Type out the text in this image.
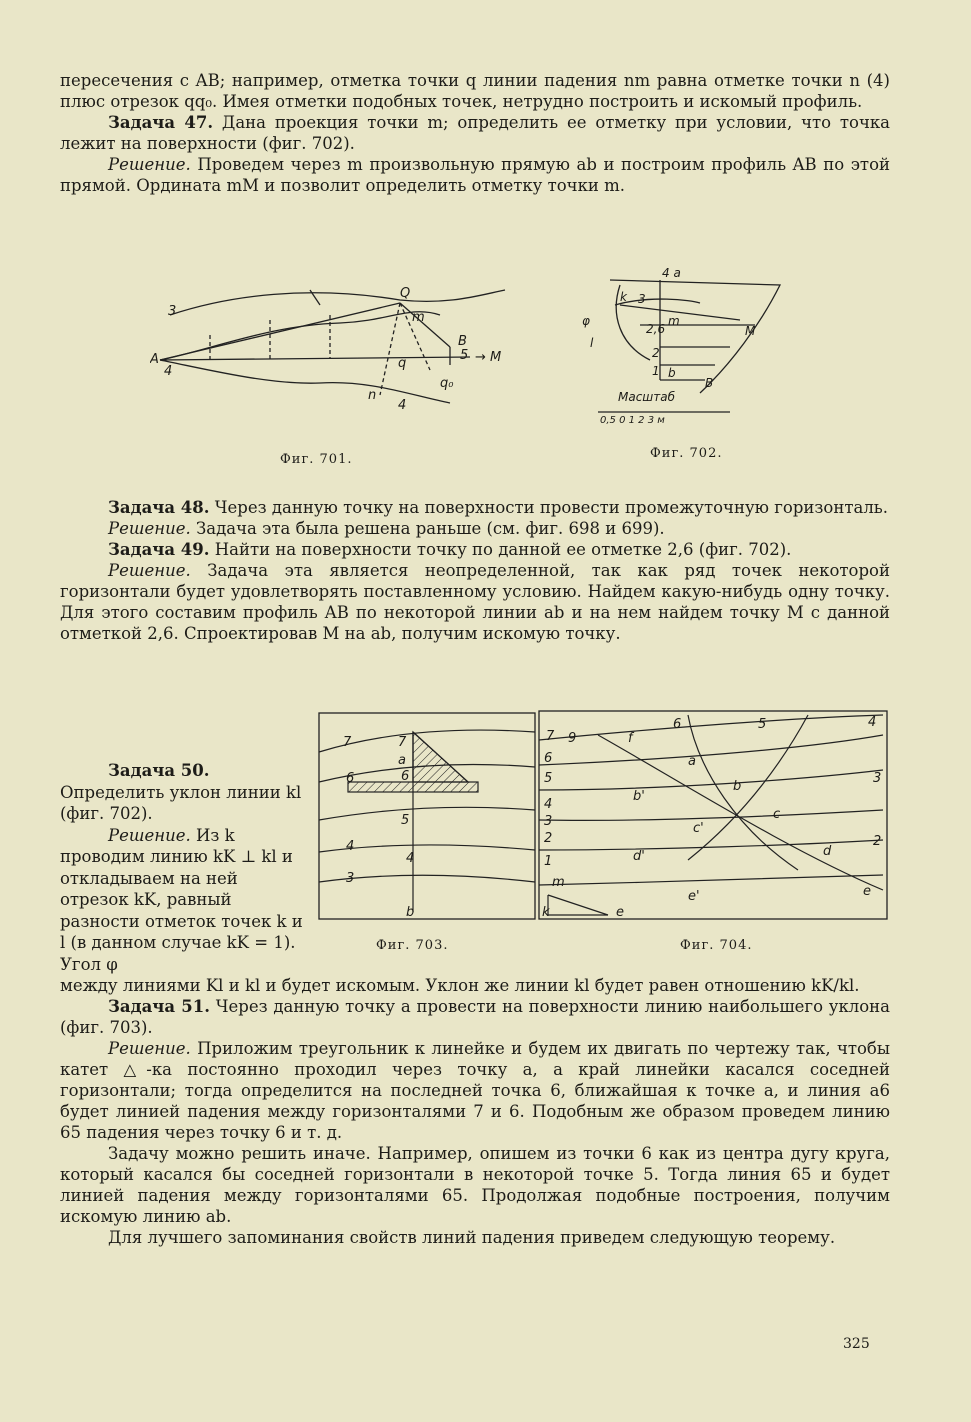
пересечения с AB; например, отметка точки q линии падения nm равна отметке точки n (4) плюс отрезок qq₀. Имея отметки подобных точек, нетрудно построить и искомый профиль.

Задача 47. Дана проекция точки m; определить ее отметку при условии, что точка лежит на поверхности (фиг. 702).

Решение. Проведем через m произвольную прямую ab и построим профиль AB по этой прямой. Ордината mM и позволит определить отметку точки m.

A
4
3
Q
m
B
5 → M
q
q₀
n
4
4 a
k 3
φ
l
2,6
m
M
2
1 b
B
Масштаб
0,5 0 1 2 3 м
Фиг. 701.	Фиг. 702.

Задача 48. Через данную точку на поверхности провести промежуточную горизонталь.

Решение. Задача эта была решена раньше (см. фиг. 698 и 699).

Задача 49. Найти на поверхности точку по данной ее отметке 2,6 (фиг. 702).

Решение. Задача эта является неопределенной, так как ряд точек некоторой горизонтали будет удовлетворять поставленному условию. Найдем какую-нибудь одну точку. Для этого составим профиль AB по некоторой линии ab и на нем найдем точку M с данной отметкой 2,6. Спроектировав M на ab, получим искомую точку.

Задача 50. Определить уклон линии kl (фиг. 702).

Решение. Из k проводим линию kK ⊥ kl и откладываем на ней отрезок kK, равный разности отметок точек k и l (в данном случае kK = 1). Угол φ

7	7
a
6	6
5
4
4
3
b
7 9	f
6	5	4
6
5
4
a
b
b'
3	c'
c
2
3
d'	d
2
1
e'	e
m
e
k
Фиг. 703.	Фиг. 704.

между линиями Kl и kl и будет искомым. Уклон же линии kl будет равен отношению kK/kl.

Задача 51. Через данную точку a провести на поверхности линию наибольшего уклона (фиг. 703).

Решение. Приложим треугольник к линейке и будем их двигать по чертежу так, чтобы катет △-ка постоянно проходил через точку a, а край линейки касался соседней горизонтали; тогда определится на последней точка 6, ближайшая к точке a, и линия a6 будет линией падения между горизонталями 7 и 6. Подобным же образом проведем линию 65 падения через точку 6 и т. д.

Задачу можно решить иначе. Например, опишем из точки 6 как из центра дугу круга, который касался бы соседней горизонтали в некоторой точке 5. Тогда линия 65 и будет линией падения между горизонталями 65. Продолжая подобные построения, получим искомую линию ab.

Для лучшего запоминания свойств линий падения приведем следующую теорему.

325
